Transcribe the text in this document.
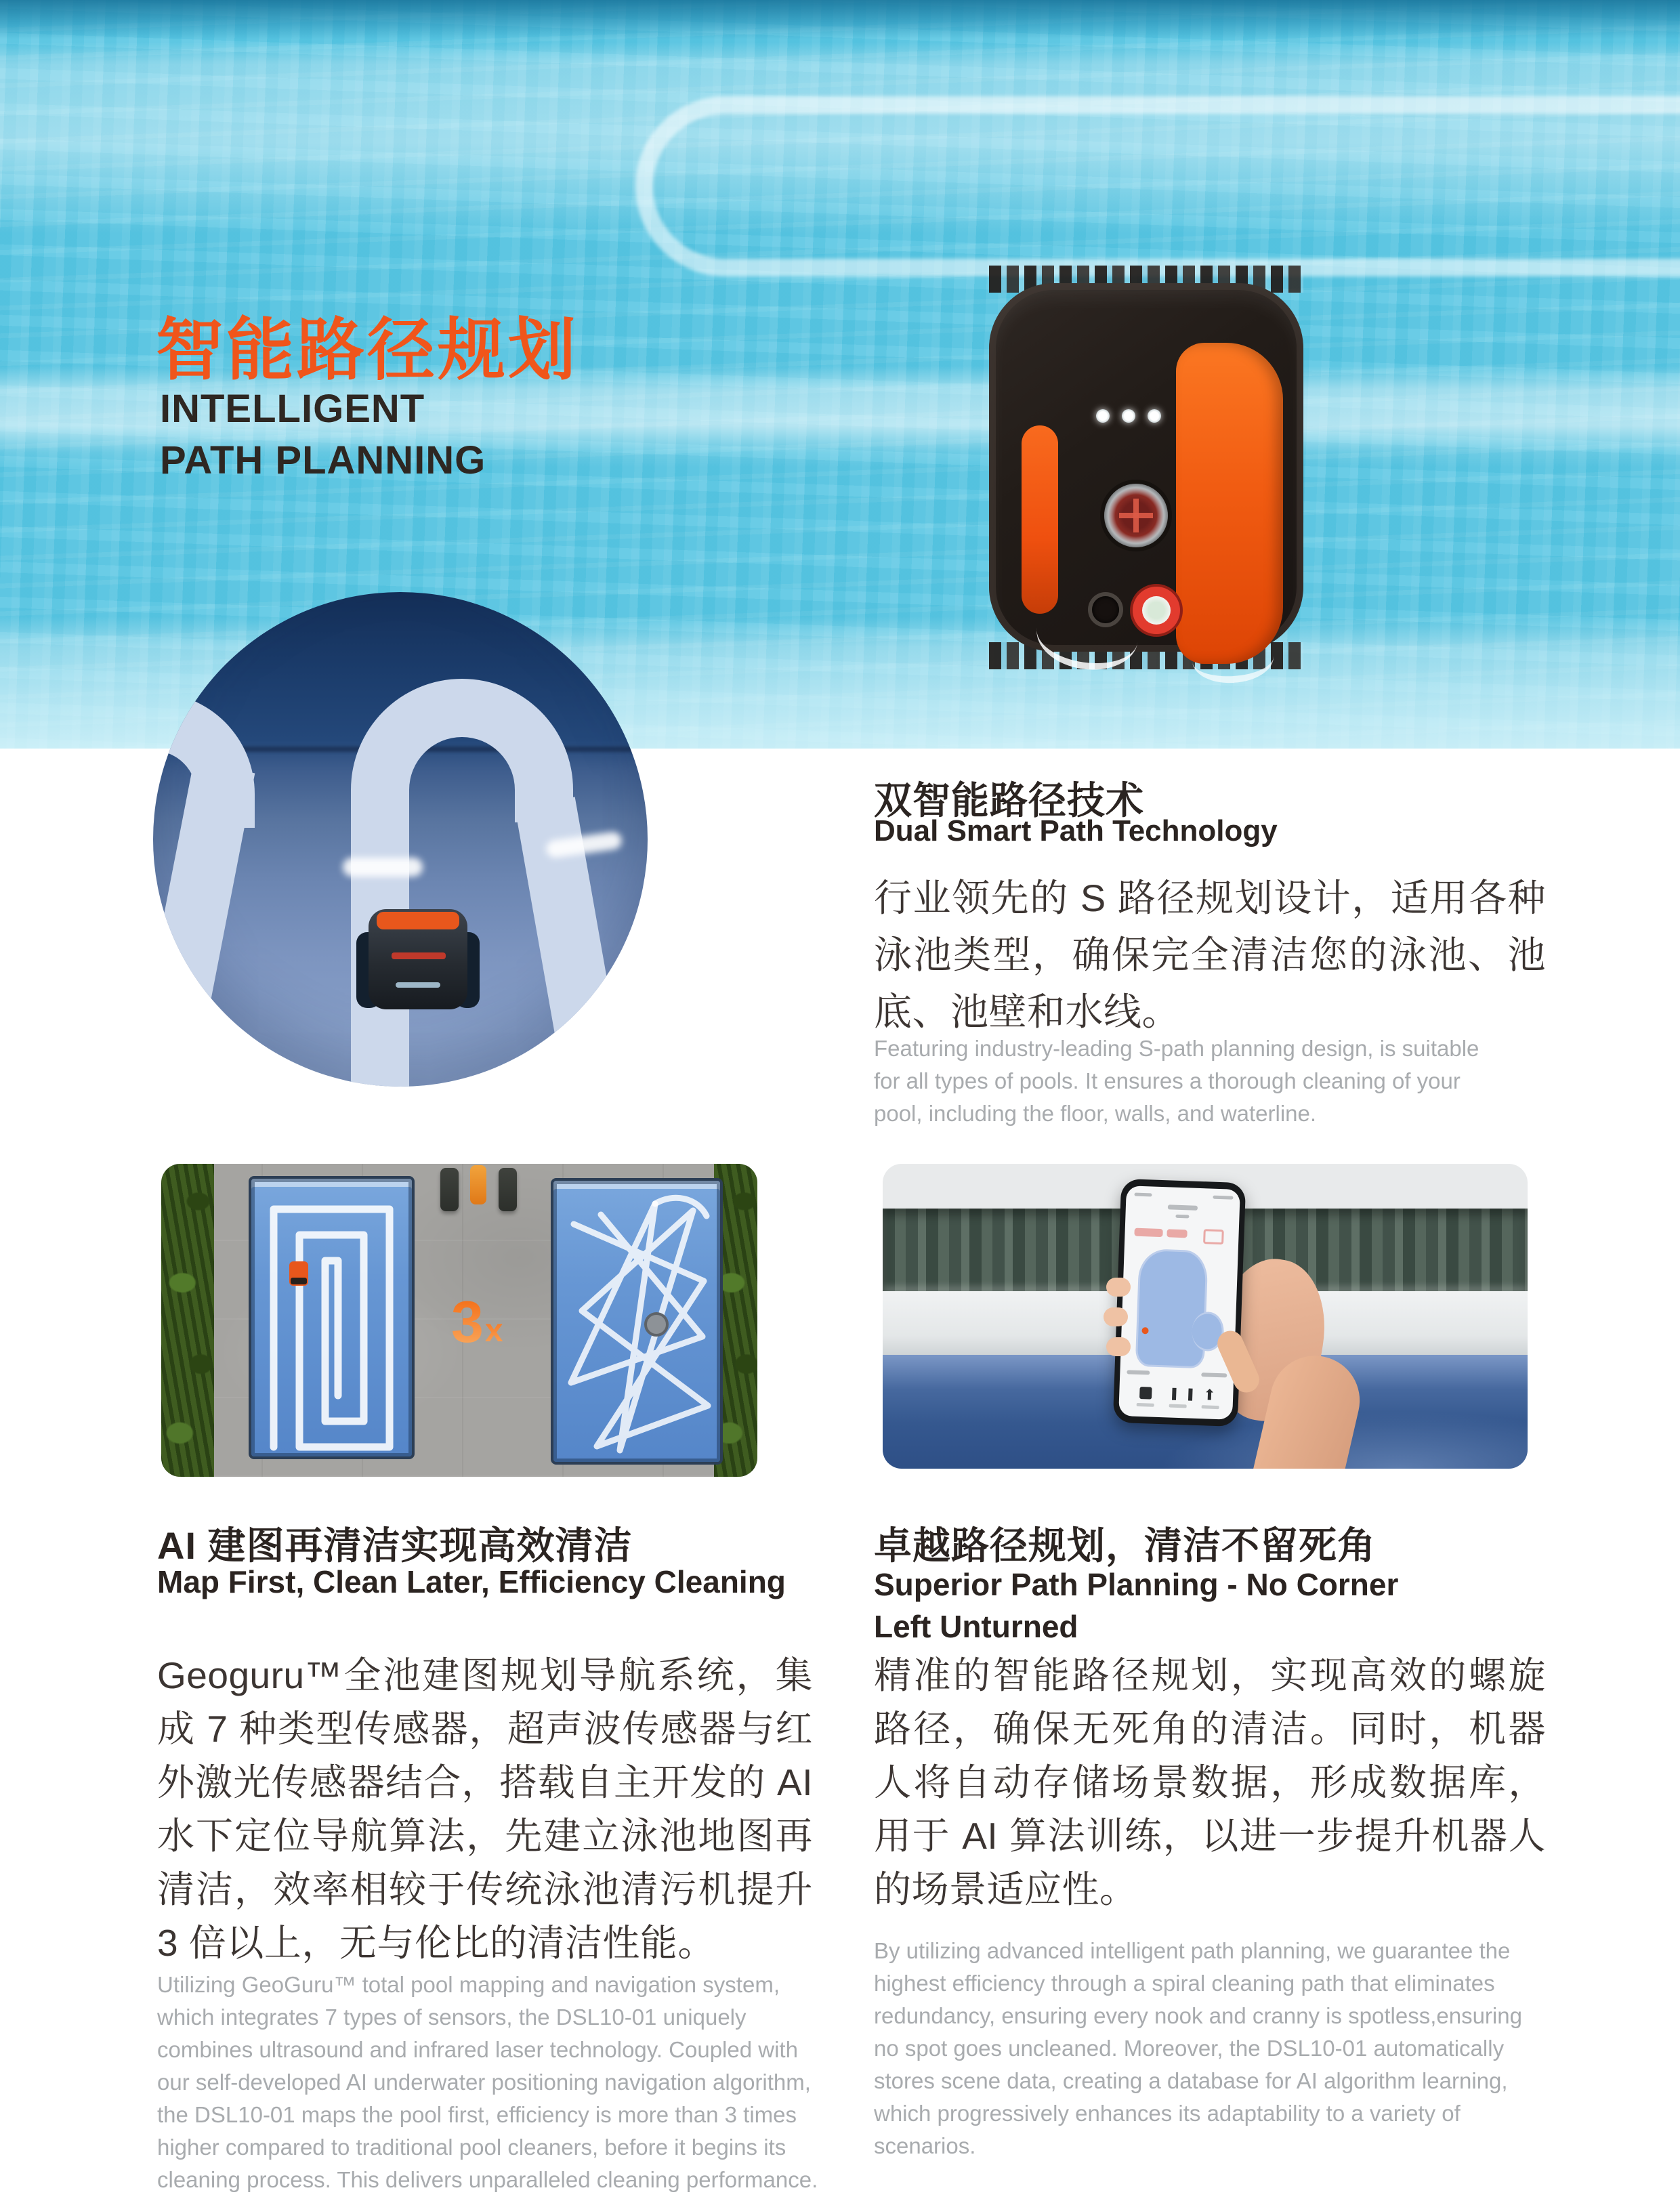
智能路径规划
INTELLIGENT
PATH PLANNING
双智能路径技术
Dual Smart Path Technology
行业领先的 S 路径规划设计，适用各种泳池类型，确保完全清洁您的泳池、池底、池壁和水线。
Featuring industry-leading S-path planning design, is suitable for all types of pools. It ensures a thorough cleaning of your pool, including the floor, walls, and waterline.
3 x
⬆
AI 建图再清洁实现高效清洁
Map First, Clean Later, Efficiency Cleaning
Geoguru™全池建图规划导航系统，集成 7 种类型传感器，超声波传感器与红外激光传感器结合，搭载自主开发的 AI 水下定位导航算法，先建立泳池地图再清洁，效率相较于传统泳池清污机提升 3 倍以上，无与伦比的清洁性能。
Utilizing GeoGuru™ total pool mapping and navigation system, which integrates 7 types of sensors, the DSL10-01 uniquely combines ultrasound and infrared laser technology. Coupled with our self-developed AI underwater positioning navigation algorithm, the DSL10-01 maps the pool first, efficiency is more than 3 times higher compared to traditional pool cleaners, before it begins its cleaning process. This delivers unparalleled cleaning performance.
卓越路径规划，清洁不留死角
Superior Path Planning - No Corner
Left Unturned
精准的智能路径规划，实现高效的螺旋路径，确保无死角的清洁。同时，机器人将自动存储场景数据，形成数据库，用于 AI 算法训练，以进一步提升机器人的场景适应性。
By utilizing advanced intelligent path planning, we guarantee the highest efficiency through a spiral cleaning path that eliminates redundancy, ensuring every nook and cranny is spotless,ensuring no spot goes uncleaned. Moreover, the DSL10-01 automatically stores scene data, creating a database for AI algorithm learning, which progressively enhances its adaptability to a variety of scenarios.
